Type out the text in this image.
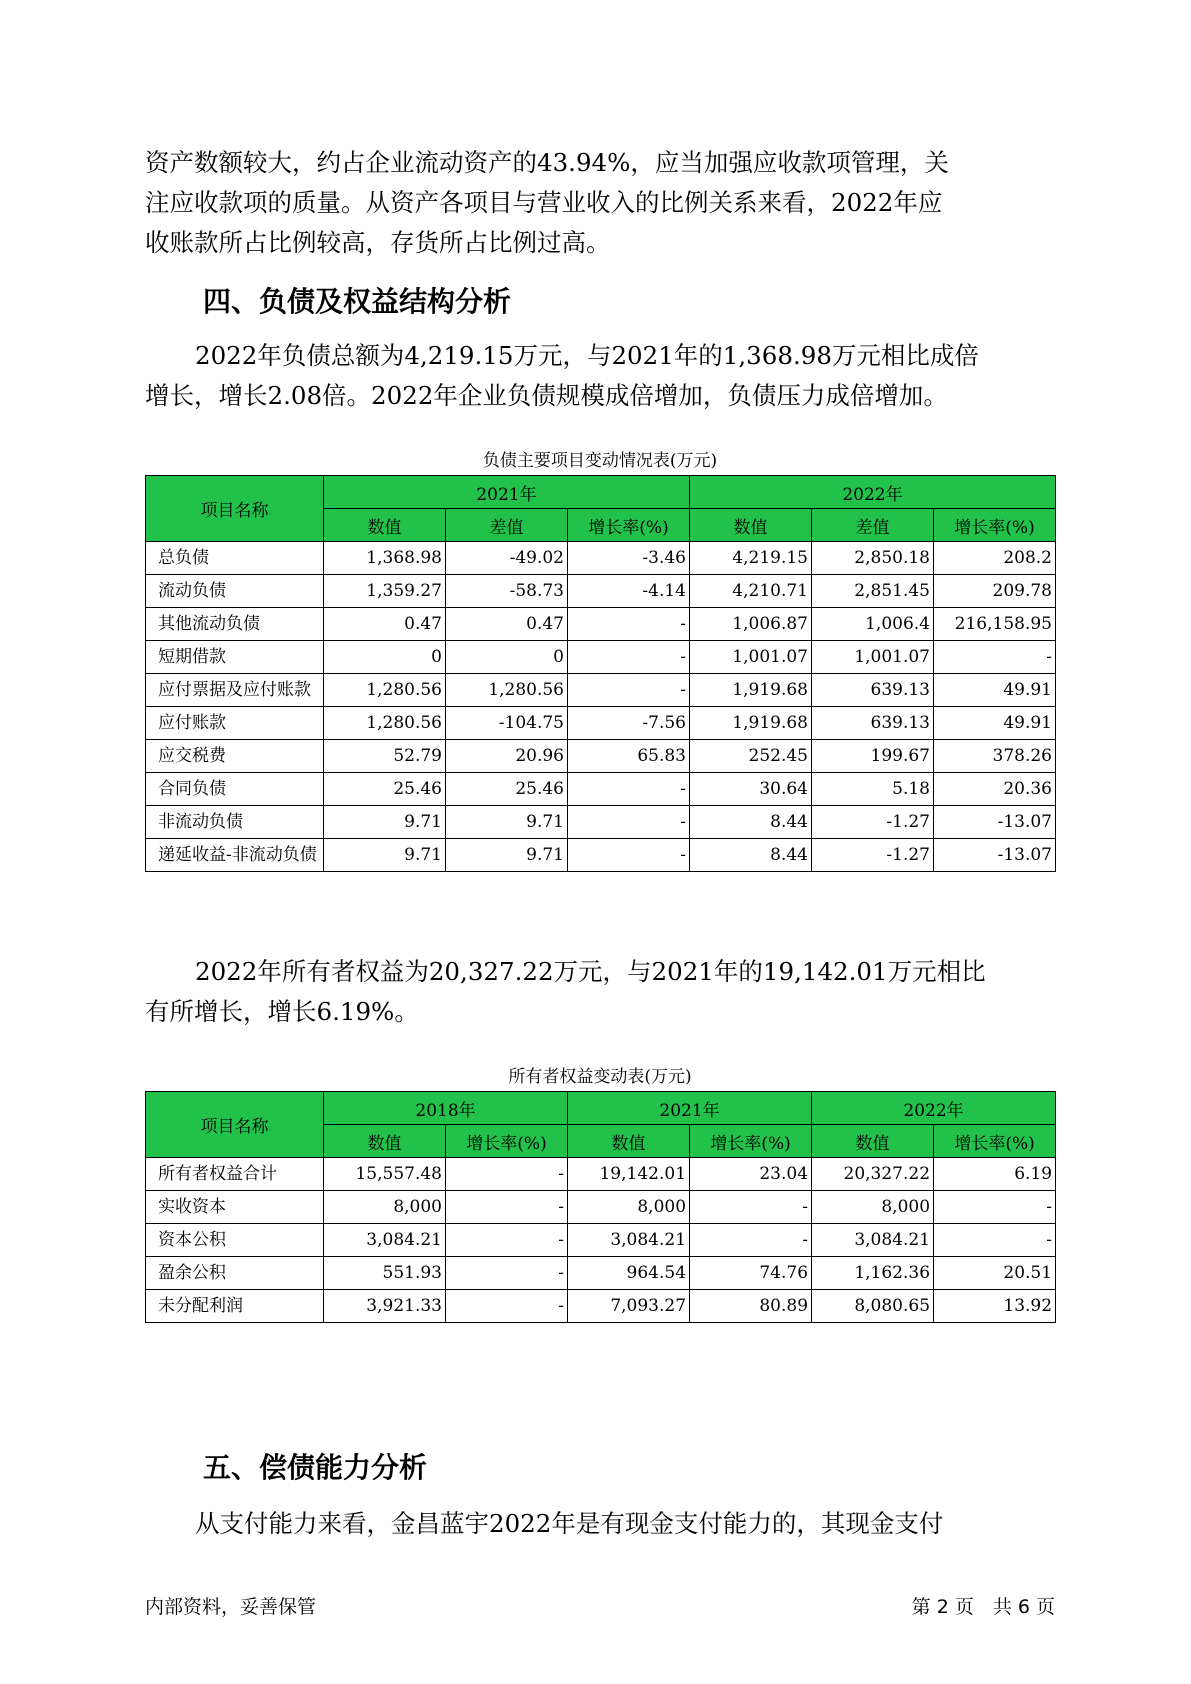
资产数额较大，约占企业流动资产的43.94%，应当加强应收款项管理，关
注应收款项的质量。从资产各项目与营业收入的比例关系来看，2022年应
收账款所占比例较高，存货所占比例过高。
四、负债及权益结构分析
2022年负债总额为4,219.15万元，与2021年的1,368.98万元相比成倍
增长，增长2.08倍。2022年企业负债规模成倍增加，负债压力成倍增加。
负债主要项目变动情况表(万元)
项目名称	2021年			2022年		
	数值	差值	增长率(%)	数值	差值	增长率(%)
总负债	1,368.98	-49.02	-3.46	4,219.15	2,850.18	208.2
流动负债	1,359.27	-58.73	-4.14	4,210.71	2,851.45	209.78
其他流动负债	0.47	0.47	-	1,006.87	1,006.4	216,158.95
短期借款	0	0	-	1,001.07	1,001.07	-
应付票据及应付账款	1,280.56	1,280.56	-	1,919.68	639.13	49.91
应付账款	1,280.56	-104.75	-7.56	1,919.68	639.13	49.91
应交税费	52.79	20.96	65.83	252.45	199.67	378.26
合同负债	25.46	25.46	-	30.64	5.18	20.36
非流动负债	9.71	9.71	-	8.44	-1.27	-13.07
递延收益-非流动负债	9.71	9.71	-	8.44	-1.27	-13.07
2022年所有者权益为20,327.22万元，与2021年的19,142.01万元相比
有所增长，增长6.19%。
所有者权益变动表(万元)
项目名称	2018年		2021年		2022年	
	数值	增长率(%)	数值	增长率(%)	数值	增长率(%)
所有者权益合计	15,557.48	-	19,142.01	23.04	20,327.22	6.19
实收资本	8,000	-	8,000	-	8,000	-
资本公积	3,084.21	-	3,084.21	-	3,084.21	-
盈余公积	551.93	-	964.54	74.76	1,162.36	20.51
未分配利润	3,921.33	-	7,093.27	80.89	8,080.65	13.92
五、偿债能力分析
从支付能力来看，金昌蓝宇2022年是有现金支付能力的，其现金支付
内部资料，妥善保管	第 2 页　共 6 页
